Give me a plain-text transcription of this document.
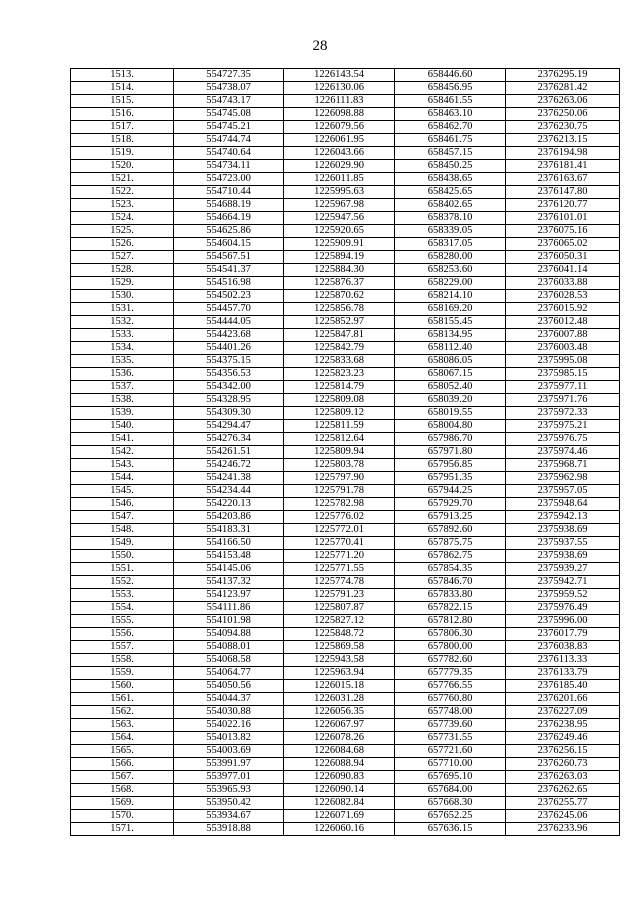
28
1513.	554727.35	1226143.54	658446.60	2376295.19
1514.	554738.07	1226130.06	658456.95	2376281.42
1515.	554743.17	1226111.83	658461.55	2376263.06
1516.	554745.08	1226098.88	658463.10	2376250.06
1517.	554745.21	1226079.56	658462.70	2376230.75
1518.	554744.74	1226061.95	658461.75	2376213.15
1519.	554740.64	1226043.66	658457.15	2376194.98
1520.	554734.11	1226029.90	658450.25	2376181.41
1521.	554723.00	1226011.85	658438.65	2376163.67
1522.	554710.44	1225995.63	658425.65	2376147.80
1523.	554688.19	1225967.98	658402.65	2376120.77
1524.	554664.19	1225947.56	658378.10	2376101.01
1525.	554625.86	1225920.65	658339.05	2376075.16
1526.	554604.15	1225909.91	658317.05	2376065.02
1527.	554567.51	1225894.19	658280.00	2376050.31
1528.	554541.37	1225884.30	658253.60	2376041.14
1529.	554516.98	1225876.37	658229.00	2376033.88
1530.	554502.23	1225870.62	658214.10	2376028.53
1531.	554457.70	1225856.78	658169.20	2376015.92
1532.	554444.05	1225852.97	658155.45	2376012.48
1533.	554423.68	1225847.81	658134.95	2376007.88
1534.	554401.26	1225842.79	658112.40	2376003.48
1535.	554375.15	1225833.68	658086.05	2375995.08
1536.	554356.53	1225823.23	658067.15	2375985.15
1537.	554342.00	1225814.79	658052.40	2375977.11
1538.	554328.95	1225809.08	658039.20	2375971.76
1539.	554309.30	1225809.12	658019.55	2375972.33
1540.	554294.47	1225811.59	658004.80	2375975.21
1541.	554276.34	1225812.64	657986.70	2375976.75
1542.	554261.51	1225809.94	657971.80	2375974.46
1543.	554246.72	1225803.78	657956.85	2375968.71
1544.	554241.38	1225797.90	657951.35	2375962.98
1545.	554234.44	1225791.78	657944.25	2375957.05
1546.	554220.13	1225782.98	657929.70	2375948.64
1547.	554203.86	1225776.02	657913.25	2375942.13
1548.	554183.31	1225772.01	657892.60	2375938.69
1549.	554166.50	1225770.41	657875.75	2375937.55
1550.	554153.48	1225771.20	657862.75	2375938.69
1551.	554145.06	1225771.55	657854.35	2375939.27
1552.	554137.32	1225774.78	657846.70	2375942.71
1553.	554123.97	1225791.23	657833.80	2375959.52
1554.	554111.86	1225807.87	657822.15	2375976.49
1555.	554101.98	1225827.12	657812.80	2375996.00
1556.	554094.88	1225848.72	657806.30	2376017.79
1557.	554088.01	1225869.58	657800.00	2376038.83
1558.	554068.58	1225943.58	657782.60	2376113.33
1559.	554064.77	1225963.94	657779.35	2376133.79
1560.	554050.56	1226015.18	657766.55	2376185.40
1561.	554044.37	1226031.28	657760.80	2376201.66
1562.	554030.88	1226056.35	657748.00	2376227.09
1563.	554022.16	1226067.97	657739.60	2376238.95
1564.	554013.82	1226078.26	657731.55	2376249.46
1565.	554003.69	1226084.68	657721.60	2376256.15
1566.	553991.97	1226088.94	657710.00	2376260.73
1567.	553977.01	1226090.83	657695.10	2376263.03
1568.	553965.93	1226090.14	657684.00	2376262.65
1569.	553950.42	1226082.84	657668.30	2376255.77
1570.	553934.67	1226071.69	657652.25	2376245.06
1571.	553918.88	1226060.16	657636.15	2376233.96
